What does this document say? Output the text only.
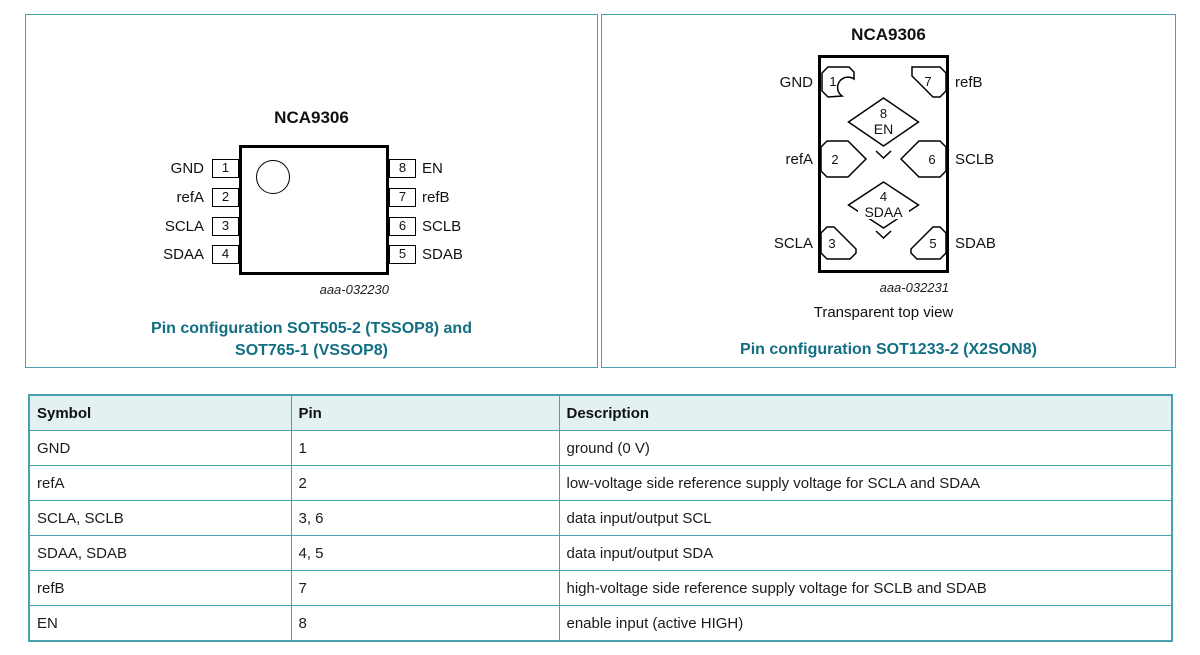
NCA9306
GND	1
refA	2
SCLA	3
SDAA	4
8	EN
7	refB
6	SCLB
5	SDAB
aaa-032230
Pin configuration SOT505-2 (TSSOP8) and
SOT765-1 (VSSOP8)
NCA9306
1	7
2	6
3	5
8
4
EN
SDAA
GND
refA
SCLA
refB
SCLB
SDAB
aaa-032231
Transparent top view
Pin configuration SOT1233-2 (X2SON8)
Symbol	Pin	Description
GND	1	ground (0 V)
refA	2	low-voltage side reference supply voltage for SCLA and SDAA
SCLA, SCLB	3, 6	data input/output SCL
SDAA, SDAB	4, 5	data input/output SDA
refB	7	high-voltage side reference supply voltage for SCLB and SDAB
EN	8	enable input (active HIGH)
